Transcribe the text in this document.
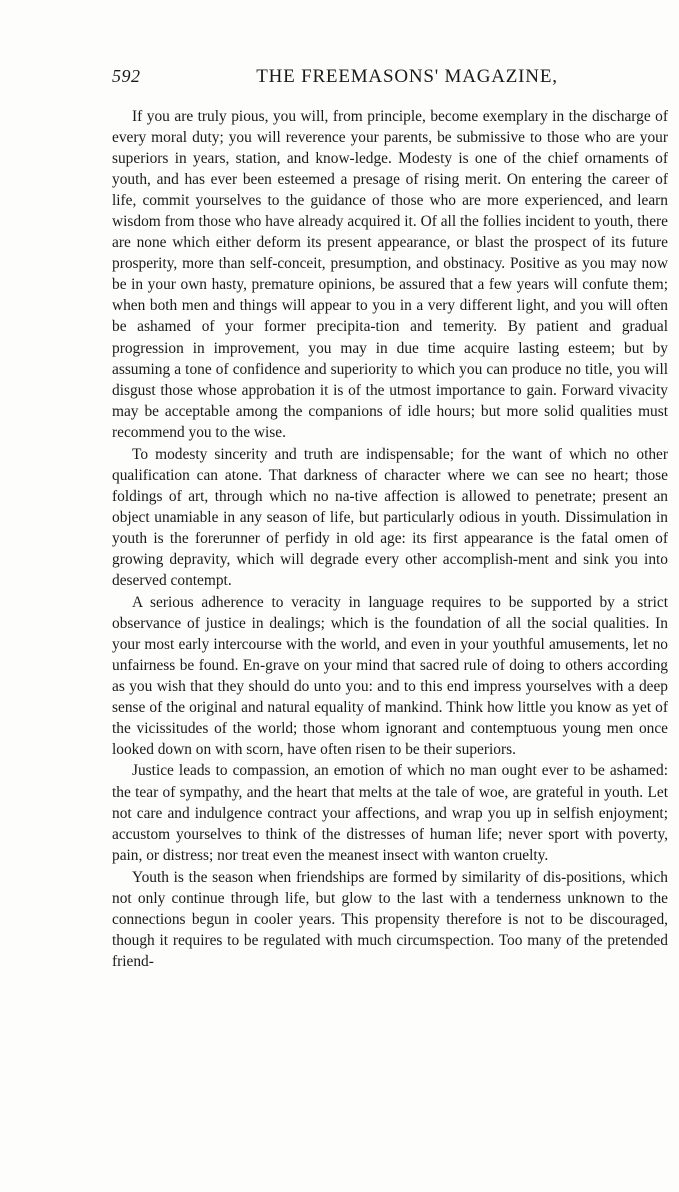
592	THE FREEMASONS' MAGAZINE,

If you are truly pious, you will, from principle, become exemplary in the discharge of every moral duty; you will reverence your parents, be submissive to those who are your superiors in years, station, and know-ledge. Modesty is one of the chief ornaments of youth, and has ever been esteemed a presage of rising merit. On entering the career of life, commit yourselves to the guidance of those who are more experienced, and learn wisdom from those who have already acquired it. Of all the follies incident to youth, there are none which either deform its present appearance, or blast the prospect of its future prosperity, more than self-conceit, presumption, and obstinacy. Positive as you may now be in your own hasty, premature opinions, be assured that a few years will confute them; when both men and things will appear to you in a very different light, and you will often be ashamed of your former precipita-tion and temerity. By patient and gradual progression in improvement, you may in due time acquire lasting esteem; but by assuming a tone of confidence and superiority to which you can produce no title, you will disgust those whose approbation it is of the utmost importance to gain. Forward vivacity may be acceptable among the companions of idle hours; but more solid qualities must recommend you to the wise.

To modesty sincerity and truth are indispensable; for the want of which no other qualification can atone. That darkness of character where we can see no heart; those foldings of art, through which no na-tive affection is allowed to penetrate; present an object unamiable in any season of life, but particularly odious in youth. Dissimulation in youth is the forerunner of perfidy in old age: its first appearance is the fatal omen of growing depravity, which will degrade every other accomplish-ment and sink you into deserved contempt.

A serious adherence to veracity in language requires to be supported by a strict observance of justice in dealings; which is the foundation of all the social qualities. In your most early intercourse with the world, and even in your youthful amusements, let no unfairness be found. En-grave on your mind that sacred rule of doing to others according as you wish that they should do unto you: and to this end impress yourselves with a deep sense of the original and natural equality of mankind. Think how little you know as yet of the vicissitudes of the world; those whom ignorant and contemptuous young men once looked down on with scorn, have often risen to be their superiors.

Justice leads to compassion, an emotion of which no man ought ever to be ashamed: the tear of sympathy, and the heart that melts at the tale of woe, are grateful in youth. Let not care and indulgence contract your affections, and wrap you up in selfish enjoyment; accustom yourselves to think of the distresses of human life; never sport with poverty, pain, or distress; nor treat even the meanest insect with wanton cruelty.

Youth is the season when friendships are formed by similarity of dis-positions, which not only continue through life, but glow to the last with a tenderness unknown to the connections begun in cooler years. This propensity therefore is not to be discouraged, though it requires to be regulated with much circumspection. Too many of the pretended friend-
